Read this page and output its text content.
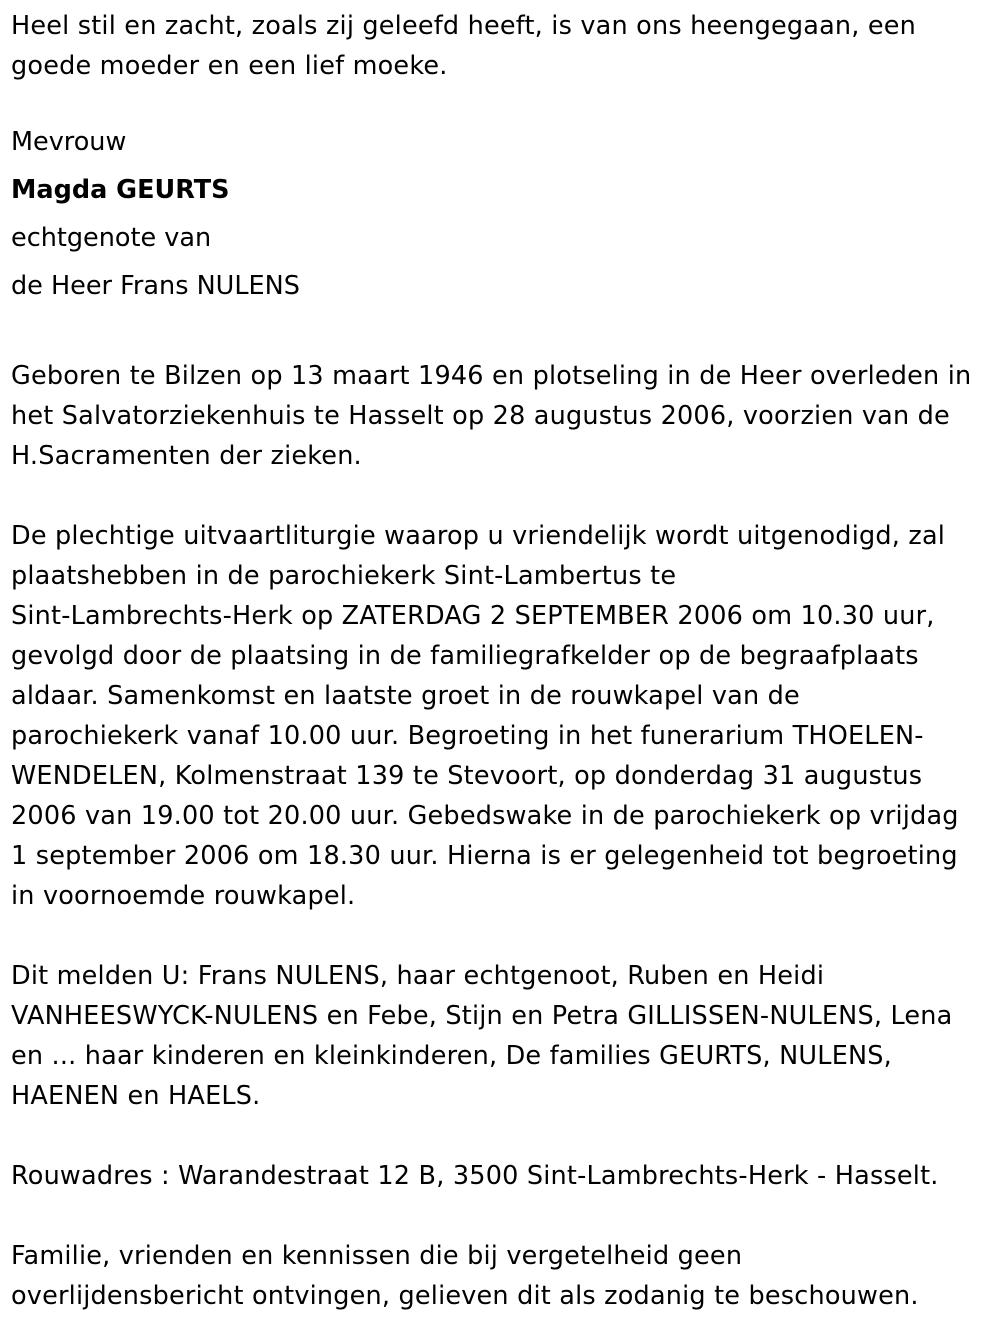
Heel stil en zacht, zoals zij geleefd heeft, is van ons heengegaan, een
goede moeder en een lief moeke.

Mevrouw
Magda GEURTS
echtgenote van
de Heer Frans NULENS

Geboren te Bilzen op 13 maart 1946 en plotseling in de Heer overleden in
het Salvatorziekenhuis te Hasselt op 28 augustus 2006, voorzien van de
H.Sacramenten der zieken.

De plechtige uitvaartliturgie waarop u vriendelijk wordt uitgenodigd, zal
plaatshebben in de parochiekerk Sint-Lambertus te
Sint-Lambrechts-Herk op ZATERDAG 2 SEPTEMBER 2006 om 10.30 uur,
gevolgd door de plaatsing in de familiegrafkelder op de begraafplaats
aldaar. Samenkomst en laatste groet in de rouwkapel van de
parochiekerk vanaf 10.00 uur. Begroeting in het funerarium THOELEN-
WENDELEN, Kolmenstraat 139 te Stevoort, op donderdag 31 augustus
2006 van 19.00 tot 20.00 uur. Gebedswake in de parochiekerk op vrijdag
1 september 2006 om 18.30 uur. Hierna is er gelegenheid tot begroeting
in voornoemde rouwkapel.

Dit melden U: Frans NULENS, haar echtgenoot, Ruben en Heidi
VANHEESWYCK-NULENS en Febe, Stijn en Petra GILLISSEN-NULENS, Lena
en ... haar kinderen en kleinkinderen, De families GEURTS, NULENS,
HAENEN en HAELS.

Rouwadres : Warandestraat 12 B, 3500 Sint-Lambrechts-Herk - Hasselt.

Familie, vrienden en kennissen die bij vergetelheid geen
overlijdensbericht ontvingen, gelieven dit als zodanig te beschouwen.
